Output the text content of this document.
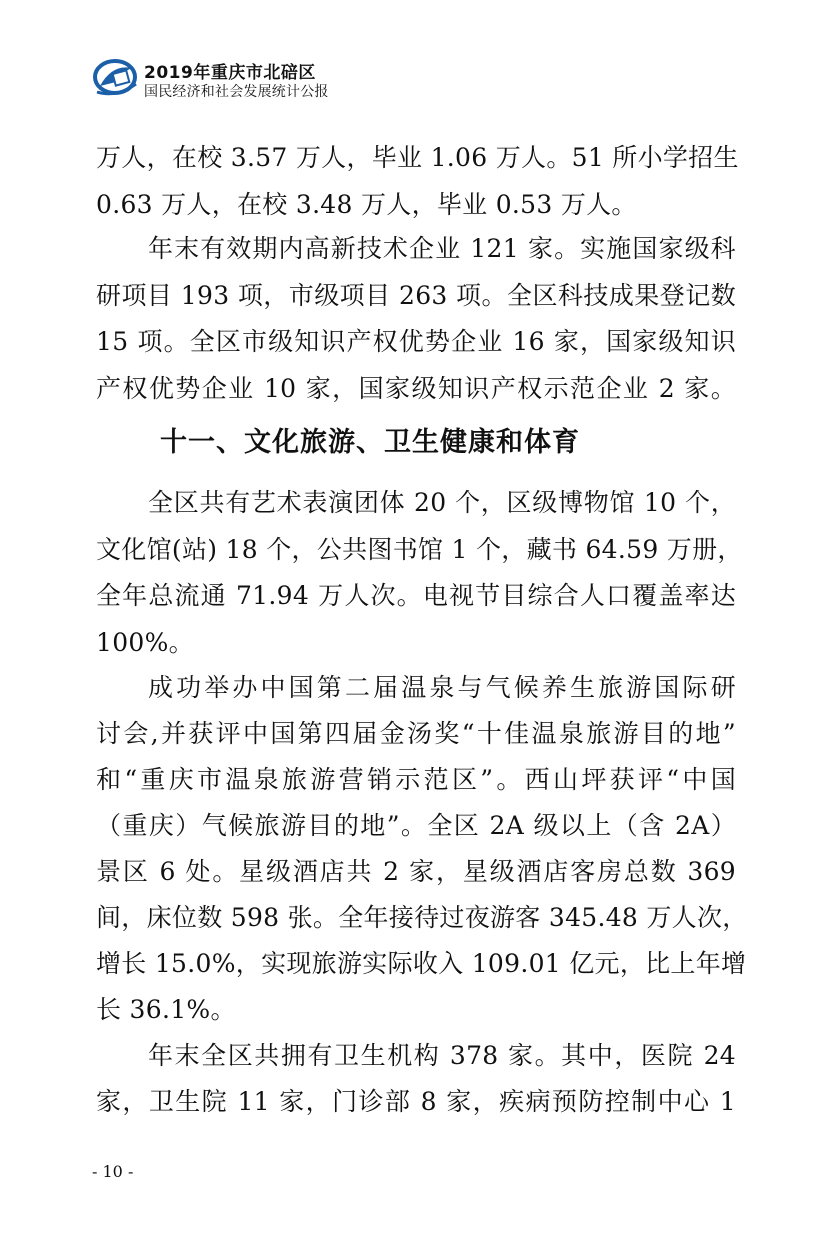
2019年重庆市北碚区
国民经济和社会发展统计公报
万人，在校 3.57 万人，毕业 1.06 万人。51 所小学招生
0.63 万人，在校 3.48 万人，毕业 0.53 万人。
年末有效期内高新技术企业 121 家。实施国家级科
研项目 193 项，市级项目 263 项。全区科技成果登记数
15 项。全区市级知识产权优势企业 16 家，国家级知识
产权优势企业 10 家，国家级知识产权示范企业 2 家。
十一、文化旅游、卫生健康和体育
全区共有艺术表演团体 20 个，区级博物馆 10 个，
文化馆(站) 18 个，公共图书馆 1 个，藏书 64.59 万册，
全年总流通 71.94 万人次。电视节目综合人口覆盖率达
100%。
成功举办中国第二届温泉与气候养生旅游国际研
讨会,并获评中国第四届金汤奖“十佳温泉旅游目的地”
和“重庆市温泉旅游营销示范区”。西山坪获评“中国
（重庆）气候旅游目的地”。全区 2A 级以上（含 2A）
景区 6 处。星级酒店共 2 家，星级酒店客房总数 369
间，床位数 598 张。全年接待过夜游客 345.48 万人次，
增长 15.0%，实现旅游实际收入 109.01 亿元，比上年增
长 36.1%。
年末全区共拥有卫生机构 378 家。其中，医院 24
家，卫生院 11 家，门诊部 8 家，疾病预防控制中心 1
- 10 -
